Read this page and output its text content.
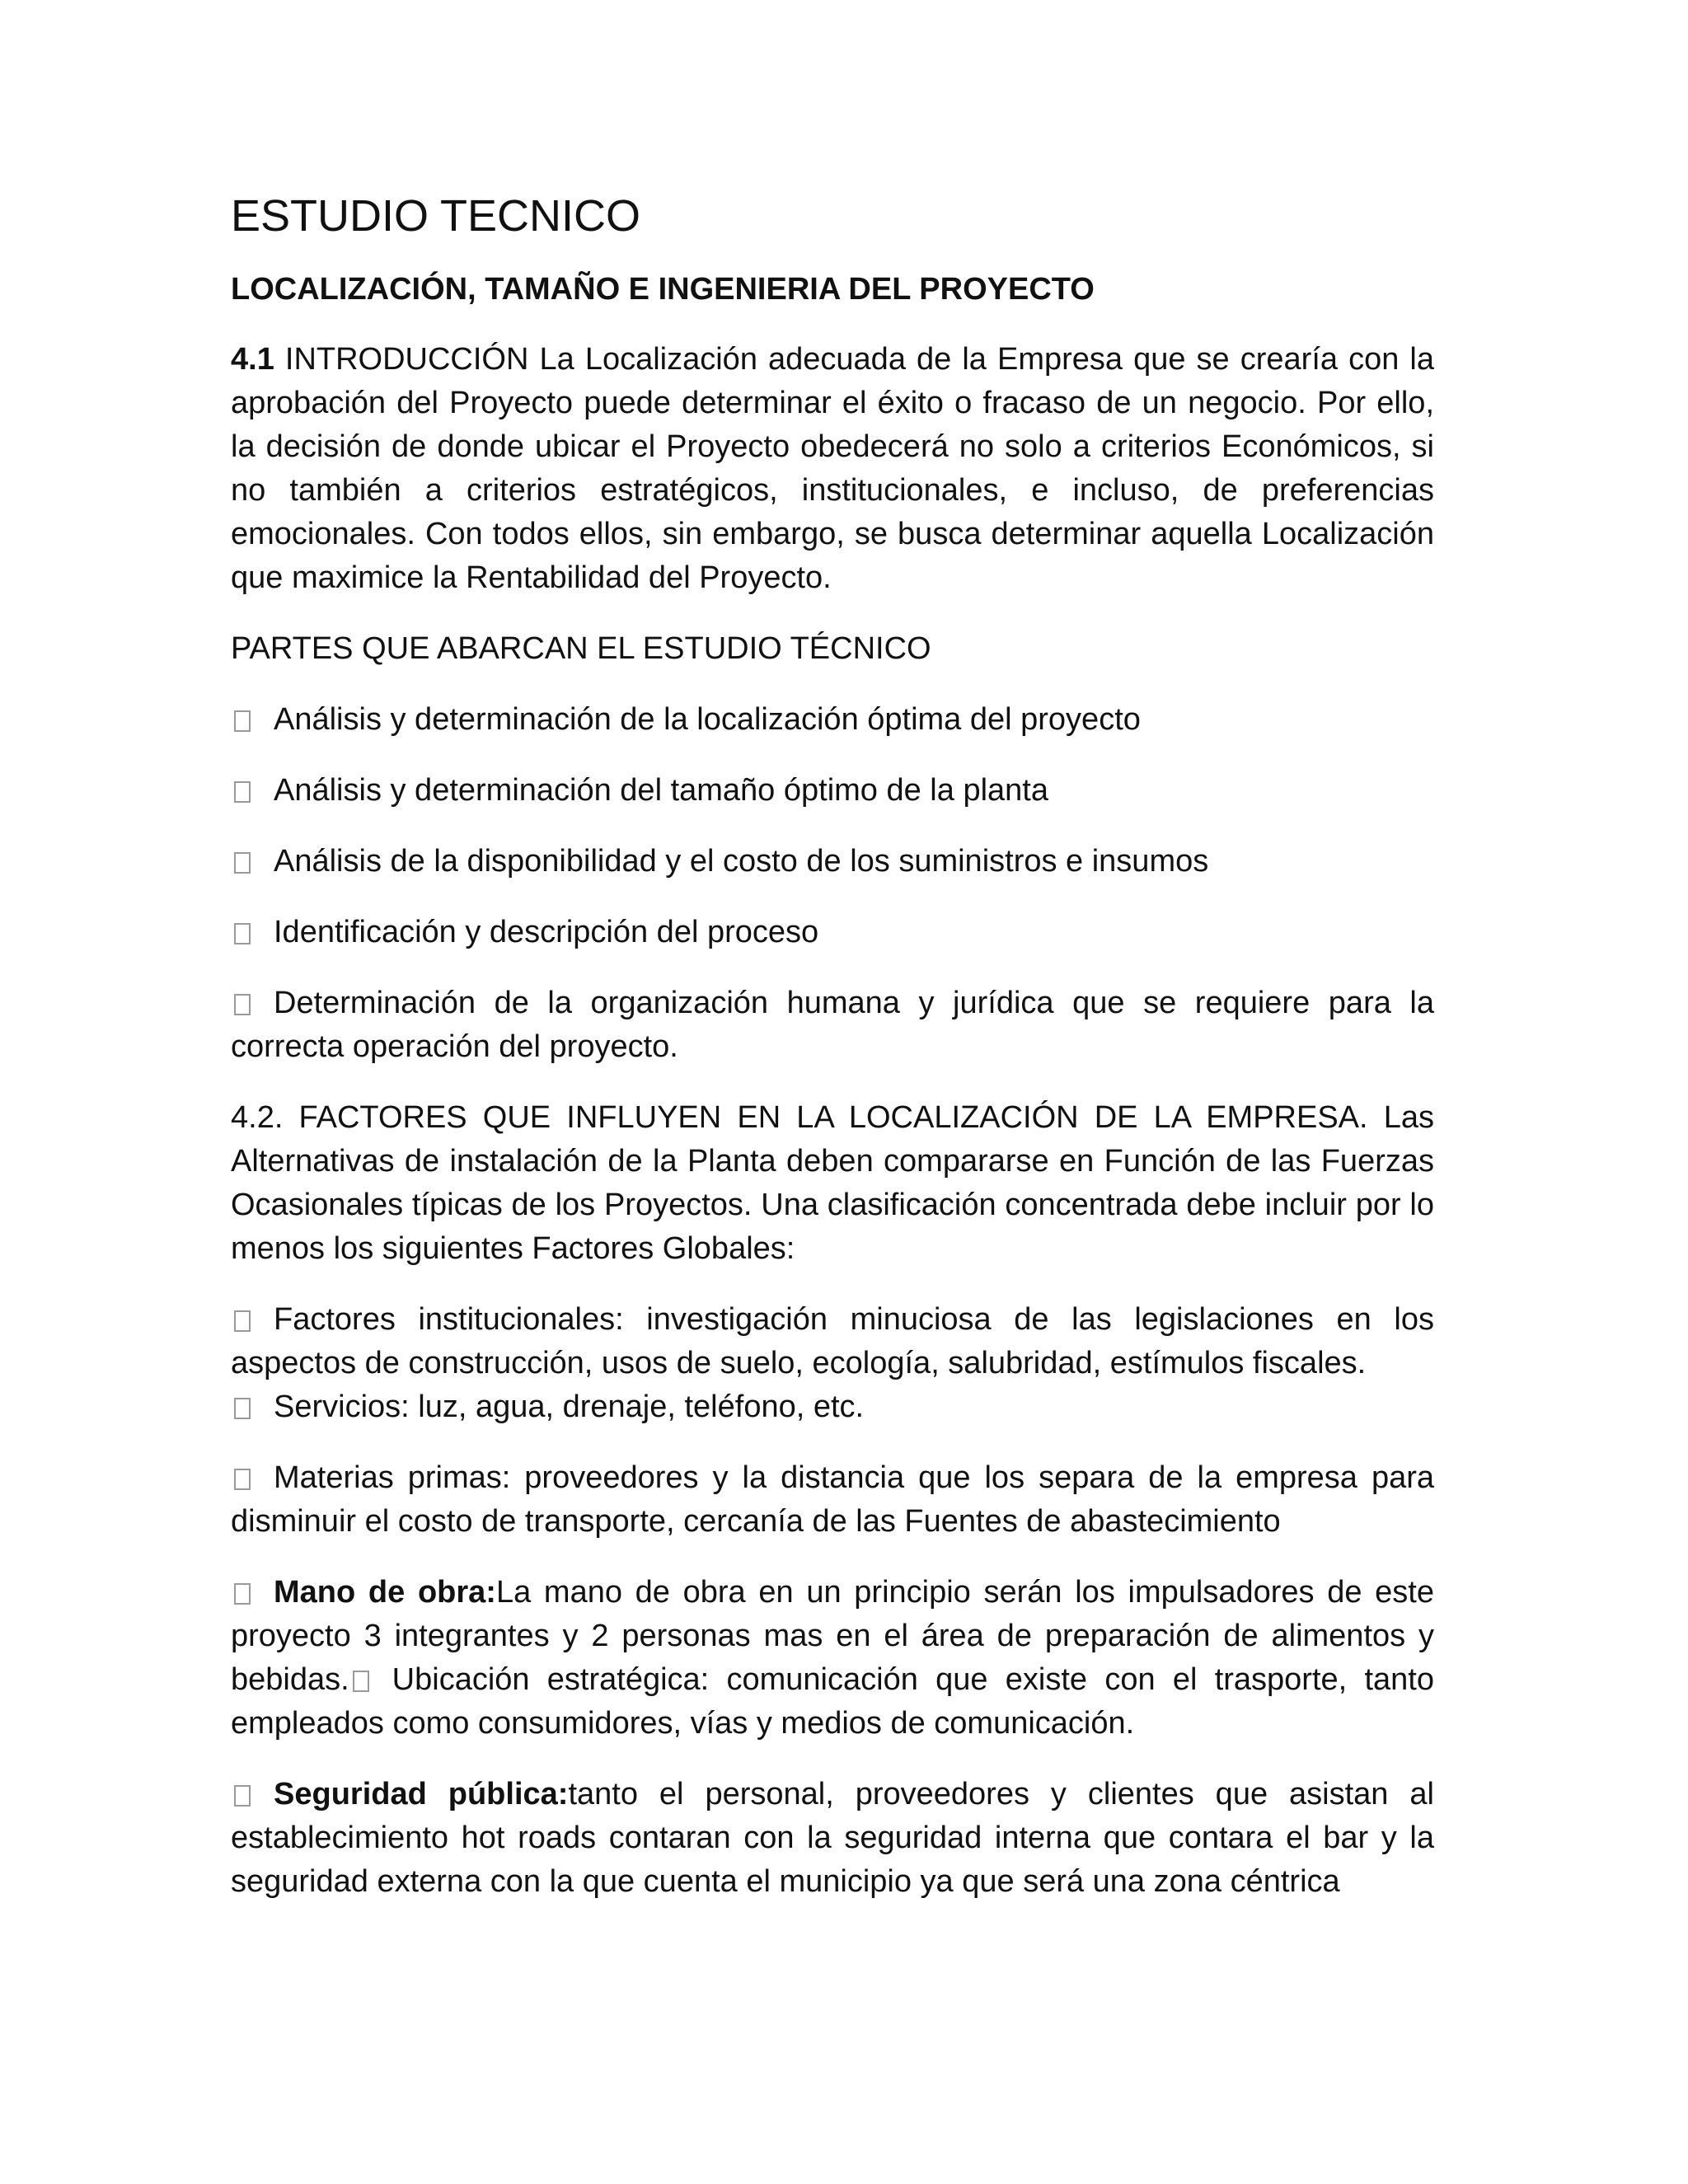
ESTUDIO TECNICO
LOCALIZACIÓN, TAMAÑO E INGENIERIA DEL PROYECTO

4.1 INTRODUCCIÓN La Localización adecuada de la Empresa que se crearía con la aprobación del Proyecto puede determinar el éxito o fracaso de un negocio. Por ello, la decisión de donde ubicar el Proyecto obedecerá no solo a criterios Económicos, si no también a criterios estratégicos, institucionales, e incluso, de preferencias emocionales. Con todos ellos, sin embargo, se busca determinar aquella Localización que maximice la Rentabilidad del Proyecto.

PARTES QUE ABARCAN EL ESTUDIO TÉCNICO
Análisis y determinación de la localización óptima del proyecto
Análisis y determinación del tamaño óptimo de la planta
Análisis de la disponibilidad y el costo de los suministros e insumos
Identificación y descripción del proceso
Determinación de la organización humana y jurídica que se requiere para la correcta operación del proyecto.

4.2. FACTORES QUE INFLUYEN EN LA LOCALIZACIÓN DE LA EMPRESA. Las Alternativas de instalación de la Planta deben compararse en Función de las Fuerzas Ocasionales típicas de los Proyectos. Una clasificación concentrada debe incluir por lo menos los siguientes Factores Globales:

Factores institucionales: investigación minuciosa de las legislaciones en los aspectos de construcción, usos de suelo, ecología, salubridad, estímulos fiscales.
Servicios: luz, agua, drenaje, teléfono, etc.
Materias primas: proveedores y la distancia que los separa de la empresa para disminuir el costo de transporte, cercanía de las Fuentes de abastecimiento
Mano de obra:La mano de obra en un principio serán los impulsadores de este proyecto 3 integrantes y 2 personas mas en el área de preparación de alimentos y bebidas. Ubicación estratégica: comunicación que existe con el trasporte, tanto empleados como consumidores, vías y medios de comunicación.
Seguridad pública:tanto el personal, proveedores y clientes que asistan al establecimiento hot roads contaran con la seguridad interna que contara el bar y la seguridad externa con la que cuenta el municipio ya que será una zona céntrica
